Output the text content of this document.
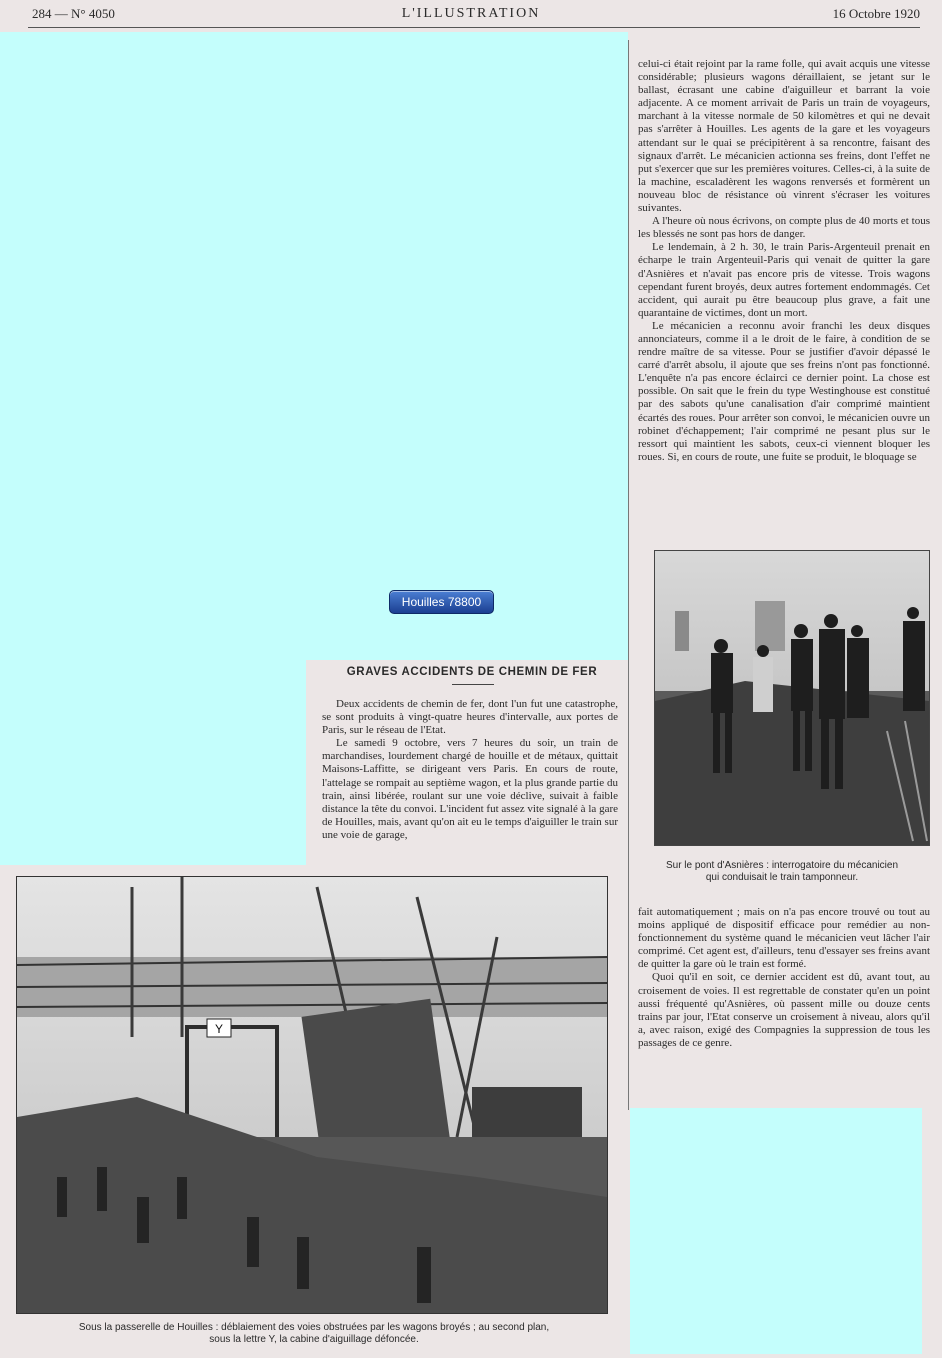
284 — N° 4050	L'ILLUSTRATION	16 Octobre 1920
Houilles 78800

celui-ci était rejoint par la rame folle, qui avait acquis une vitesse considérable; plusieurs wagons déraillaient, se jetant sur le ballast, écrasant une cabine d'aiguilleur et barrant la voie adjacente. A ce moment arrivait de Paris un train de voyageurs, marchant à la vitesse normale de 50 kilomètres et qui ne devait pas s'arrêter à Houilles. Les agents de la gare et les voyageurs attendant sur le quai se précipitèrent à sa rencontre, faisant des signaux d'arrêt. Le mécanicien actionna ses freins, dont l'effet ne put s'exercer que sur les premières voitures. Celles-ci, à la suite de la machine, escaladèrent les wagons renversés et formèrent un nouveau bloc de résistance où vinrent s'écraser les voitures suivantes.

A l'heure où nous écrivons, on compte plus de 40 morts et tous les blessés ne sont pas hors de danger.

Le lendemain, à 2 h. 30, le train Paris-Argenteuil prenait en écharpe le train Argenteuil-Paris qui venait de quitter la gare d'Asnières et n'avait pas encore pris de vitesse. Trois wagons cependant furent broyés, deux autres fortement endommagés. Cet accident, qui aurait pu être beaucoup plus grave, a fait une quarantaine de victimes, dont un mort.

Le mécanicien a reconnu avoir franchi les deux disques annonciateurs, comme il a le droit de le faire, à condition de se rendre maître de sa vitesse. Pour se justifier d'avoir dépassé le carré d'arrêt absolu, il ajoute que ses freins n'ont pas fonctionné. L'enquête n'a pas encore éclairci ce dernier point. La chose est possible. On sait que le frein du type Westinghouse est constitué par des sabots qu'une canalisation d'air comprimé maintient écartés des roues. Pour arrêter son convoi, le mécanicien ouvre un robinet d'échappement; l'air comprimé ne pesant plus sur le ressort qui maintient les sabots, ceux-ci viennent bloquer les roues. Si, en cours de route, une fuite se produit, le bloquage se

GRAVES ACCIDENTS DE CHEMIN DE FER

Deux accidents de chemin de fer, dont l'un fut une catastrophe, se sont produits à vingt-quatre heures d'intervalle, aux portes de Paris, sur le réseau de l'Etat.

Le samedi 9 octobre, vers 7 heures du soir, un train de marchandises, lourdement chargé de houille et de métaux, quittait Maisons-Laffitte, se dirigeant vers Paris. En cours de route, l'attelage se rompait au septième wagon, et la plus grande partie du train, ainsi libérée, roulant sur une voie déclive, suivait à faible distance la tête du convoi. L'incident fut assez vite signalé à la gare de Houilles, mais, avant qu'on ait eu le temps d'aiguiller le train sur une voie de garage,

Sur le pont d'Asnières : interrogatoire du mécanicien
qui conduisait le train tamponneur.

fait automatiquement ; mais on n'a pas encore trouvé ou tout au moins appliqué de dispositif efficace pour remédier au non-fonctionnement du système quand le mécanicien veut lâcher l'air comprimé. Cet agent est, d'ailleurs, tenu d'essayer ses freins avant de quitter la gare où le train est formé.

Quoi qu'il en soit, ce dernier accident est dû, avant tout, au croisement de voies. Il est regrettable de constater qu'en un point aussi fréquenté qu'Asnières, où passent mille ou douze cents trains par jour, l'Etat conserve un croisement à niveau, alors qu'il a, avec raison, exigé des Compagnies la suppression de tous les passages de ce genre.

Y
Sous la passerelle de Houilles : déblaiement des voies obstruées par les wagons broyés ; au second plan,
sous la lettre Y, la cabine d'aiguillage défoncée.
